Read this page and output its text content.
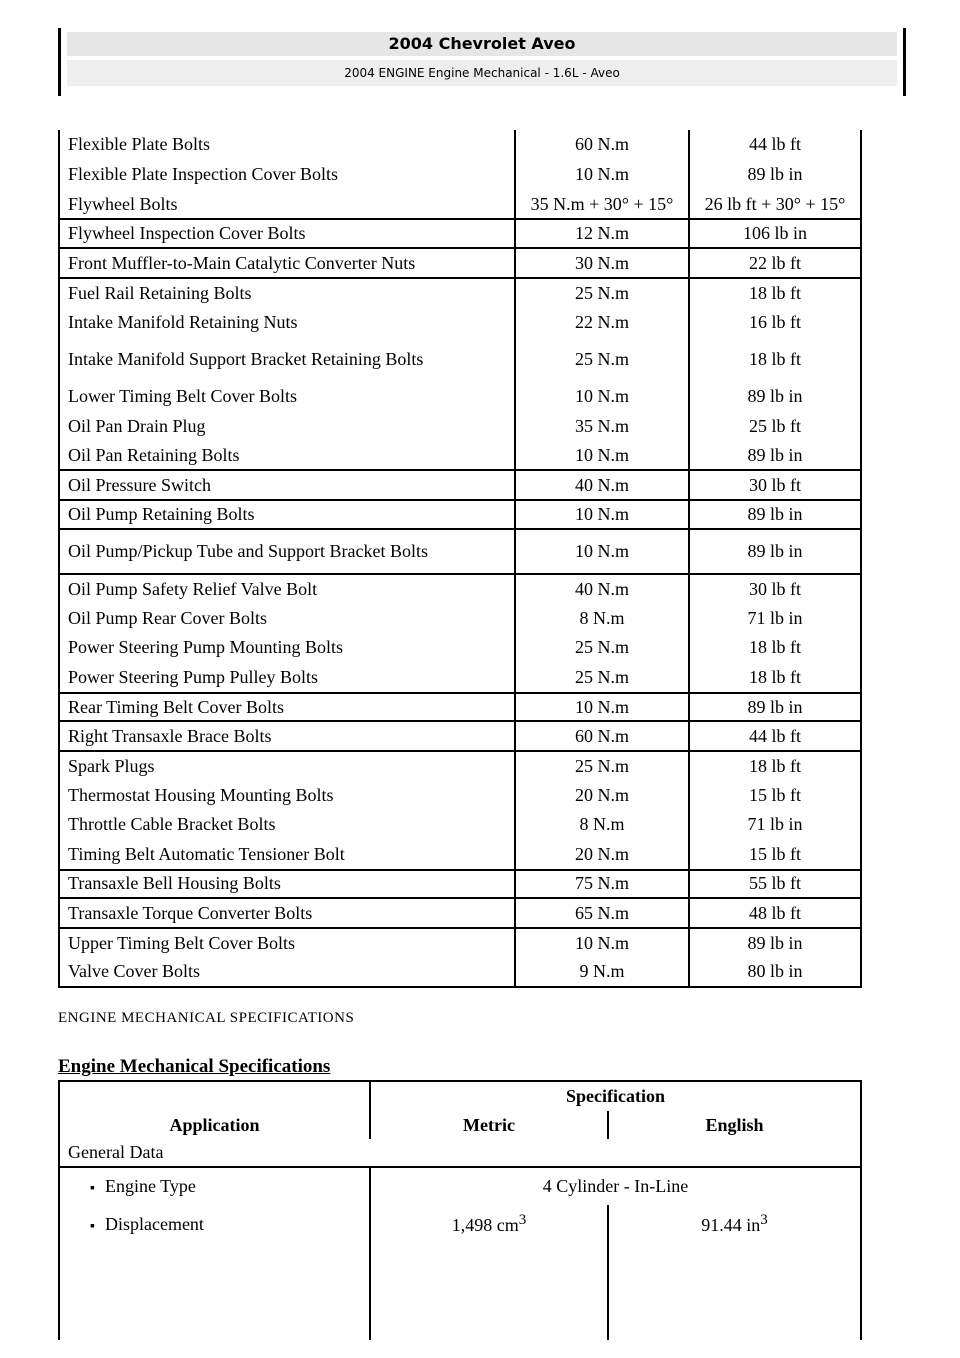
2004 Chevrolet Aveo
2004 ENGINE Engine Mechanical - 1.6L - Aveo
Flexible Plate Bolts	60 N.m	44 lb ft
Flexible Plate Inspection Cover Bolts	10 N.m	89 lb in
Flywheel Bolts	35 N.m + 30° + 15°	26 lb ft + 30° + 15°
Flywheel Inspection Cover Bolts	12 N.m	106 lb in
Front Muffler-to-Main Catalytic Converter Nuts	30 N.m	22 lb ft
Fuel Rail Retaining Bolts	25 N.m	18 lb ft
Intake Manifold Retaining Nuts	22 N.m	16 lb ft
Intake Manifold Support Bracket Retaining Bolts	25 N.m	18 lb ft
Lower Timing Belt Cover Bolts	10 N.m	89 lb in
Oil Pan Drain Plug	35 N.m	25 lb ft
Oil Pan Retaining Bolts	10 N.m	89 lb in
Oil Pressure Switch	40 N.m	30 lb ft
Oil Pump Retaining Bolts	10 N.m	89 lb in
Oil Pump/Pickup Tube and Support Bracket Bolts	10 N.m	89 lb in
Oil Pump Safety Relief Valve Bolt	40 N.m	30 lb ft
Oil Pump Rear Cover Bolts	8 N.m	71 lb in
Power Steering Pump Mounting Bolts	25 N.m	18 lb ft
Power Steering Pump Pulley Bolts	25 N.m	18 lb ft
Rear Timing Belt Cover Bolts	10 N.m	89 lb in
Right Transaxle Brace Bolts	60 N.m	44 lb ft
Spark Plugs	25 N.m	18 lb ft
Thermostat Housing Mounting Bolts	20 N.m	15 lb ft
Throttle Cable Bracket Bolts	8 N.m	71 lb in
Timing Belt Automatic Tensioner Bolt	20 N.m	15 lb ft
Transaxle Bell Housing Bolts	75 N.m	55 lb ft
Transaxle Torque Converter Bolts	65 N.m	48 lb ft
Upper Timing Belt Cover Bolts	10 N.m	89 lb in
Valve Cover Bolts	9 N.m	80 lb in
ENGINE MECHANICAL SPECIFICATIONS
Engine Mechanical Specifications
	Specification	
Application	Metric	English
General Data		
▪ Engine Type	4 Cylinder - In-Line	
▪ Displacement	1,498 $cm^3$	91.44 $in^3$
